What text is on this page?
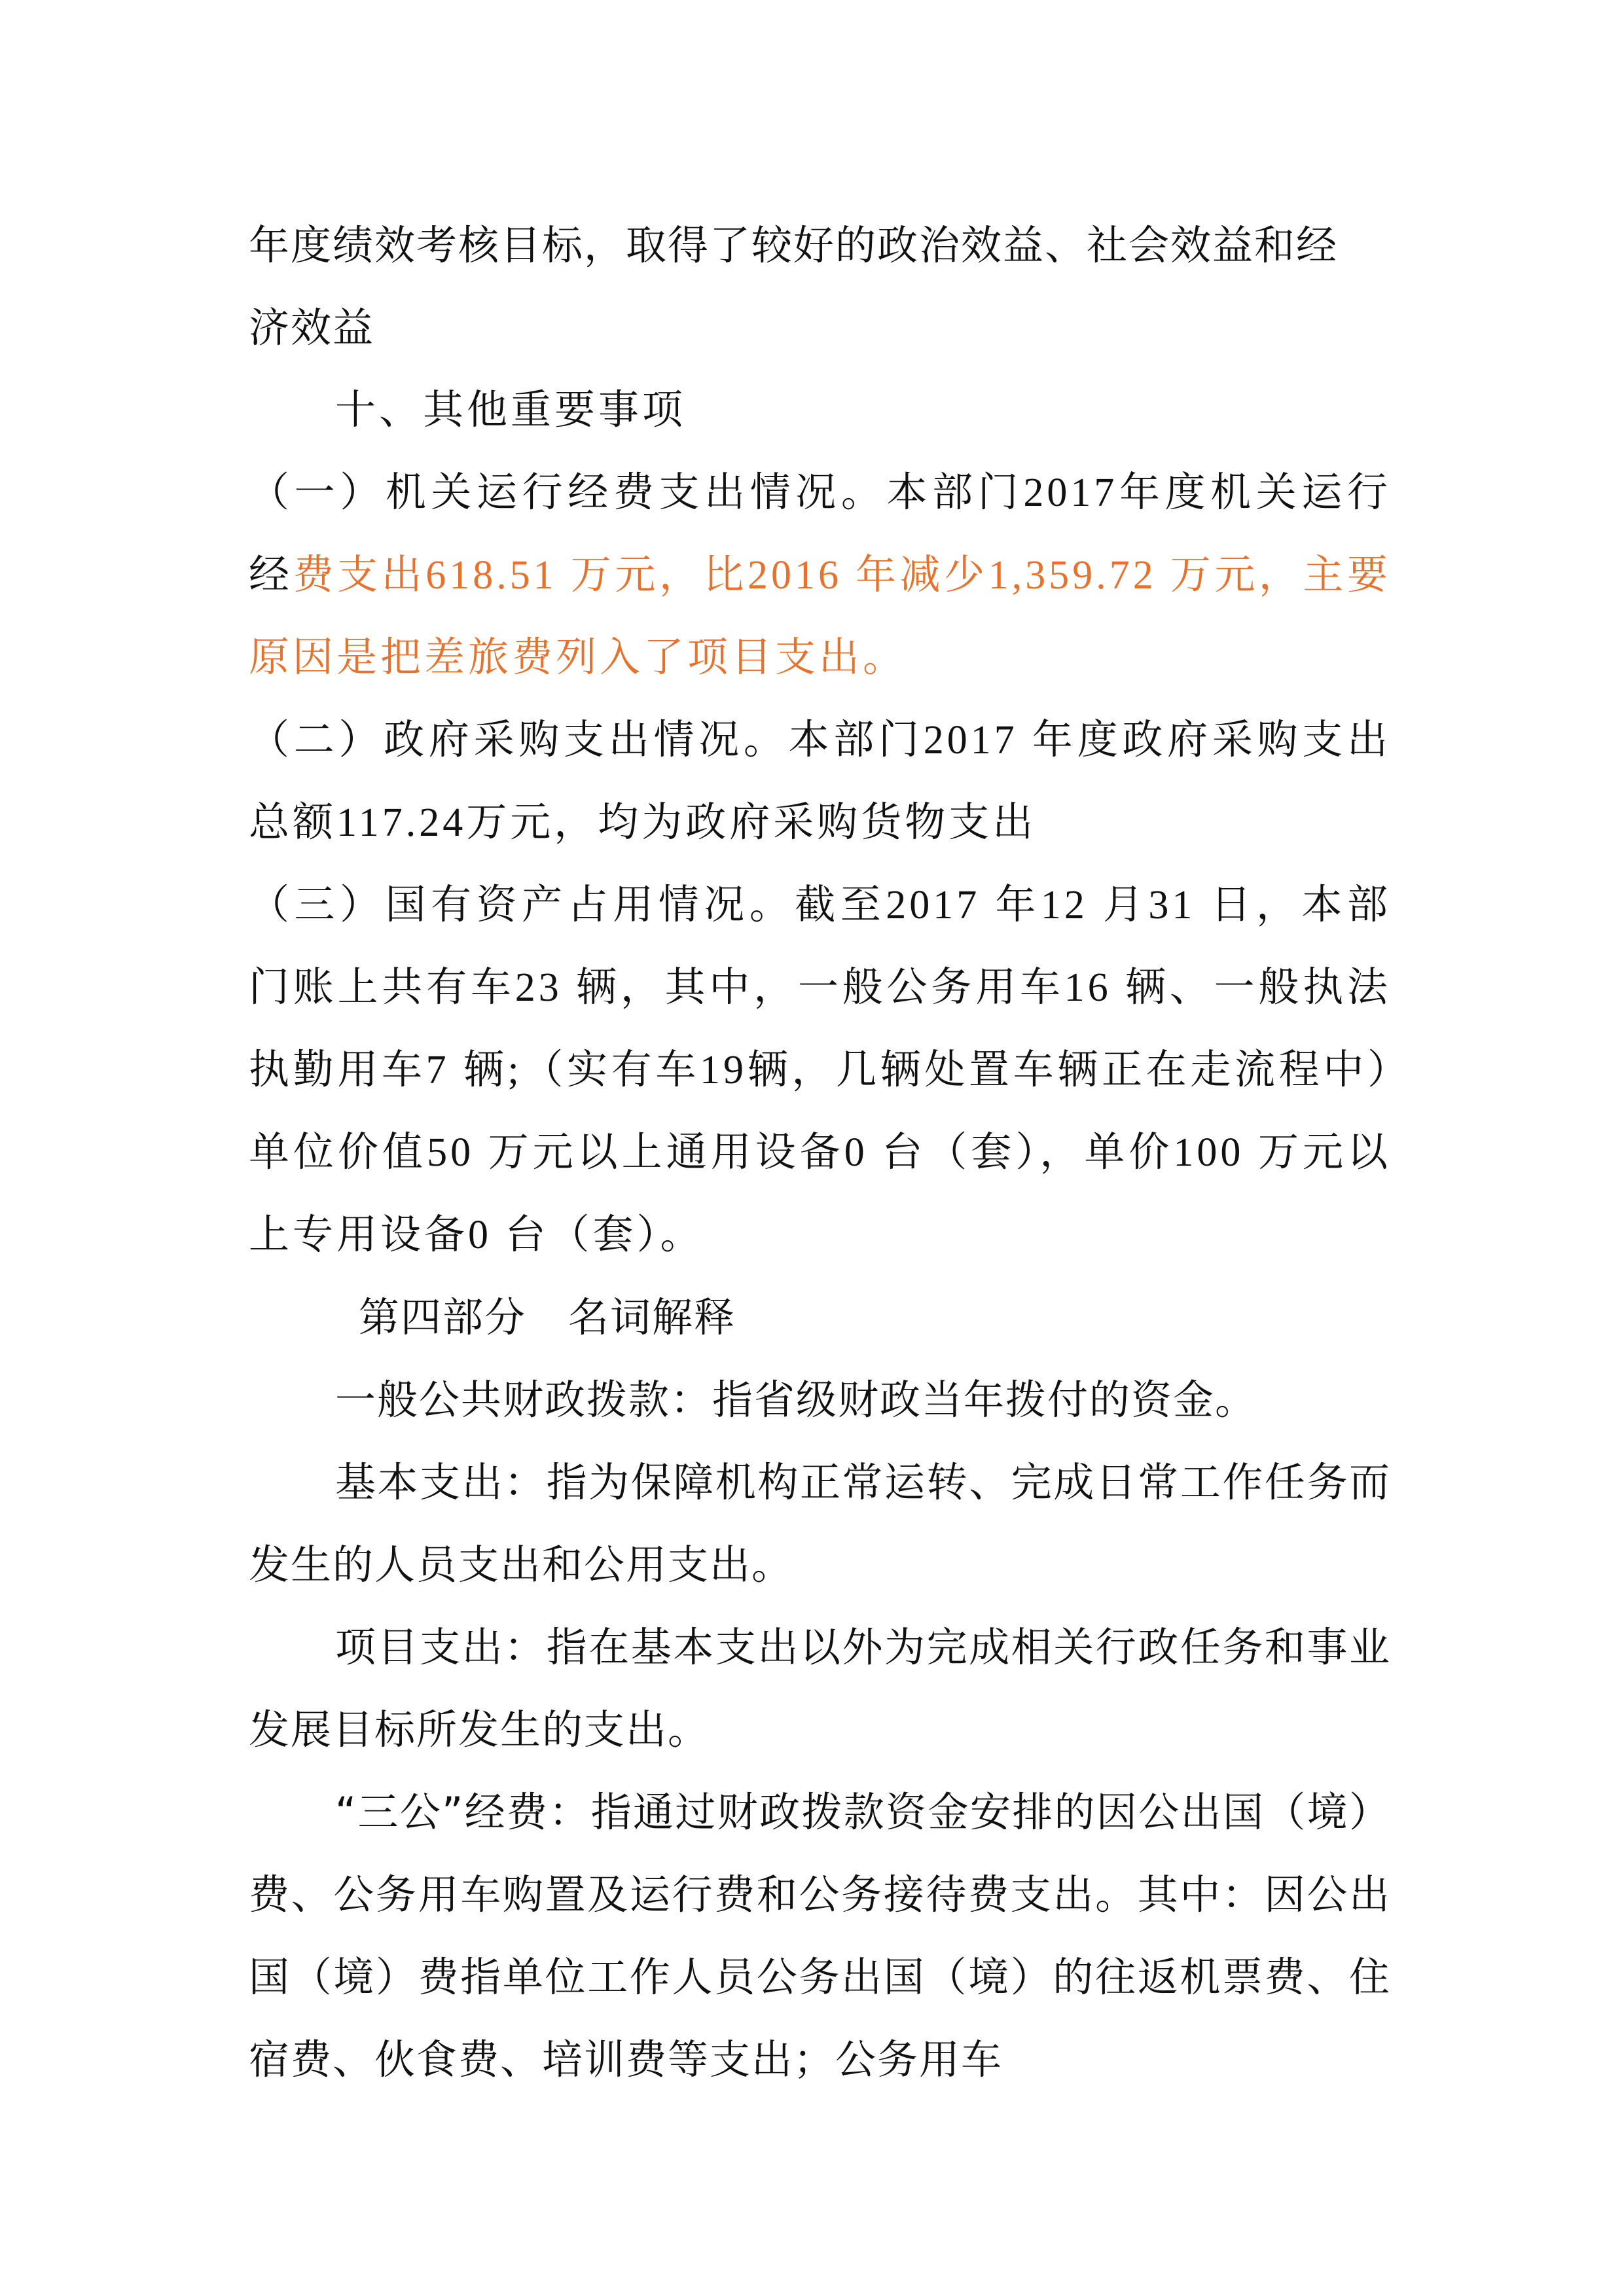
年度绩效考核目标，取得了较好的政治效益、社会效益和经
济效益
十、其他重要事项
（一）机关运行经费支出情况。本部门2017年度机关运行经费支出618.51 万元，比2016 年减少1,359.72 万元，主要原因是把差旅费列入了项目支出。
（二）政府采购支出情况。本部门2017 年度政府采购支出总额117.24万元，均为政府采购货物支出
（三）国有资产占用情况。截至2017 年12 月31 日，本部门账上共有车23 辆，其中，一般公务用车16 辆、一般执法执勤用车7 辆;（实有车19辆，几辆处置车辆正在走流程中）单位价值50 万元以上通用设备0 台（套），单价100 万元以上专用设备0 台（套）。
第四部分　名词解释
一般公共财政拨款：指省级财政当年拨付的资金。
基本支出：指为保障机构正常运转、完成日常工作任务而发生的人员支出和公用支出。
项目支出：指在基本支出以外为完成相关行政任务和事业发展目标所发生的支出。
“三公”经费：指通过财政拨款资金安排的因公出国（境）费、公务用车购置及运行费和公务接待费支出。其中：因公出国（境）费指单位工作人员公务出国（境）的往返机票费、住宿费、伙食费、培训费等支出；公务用车
